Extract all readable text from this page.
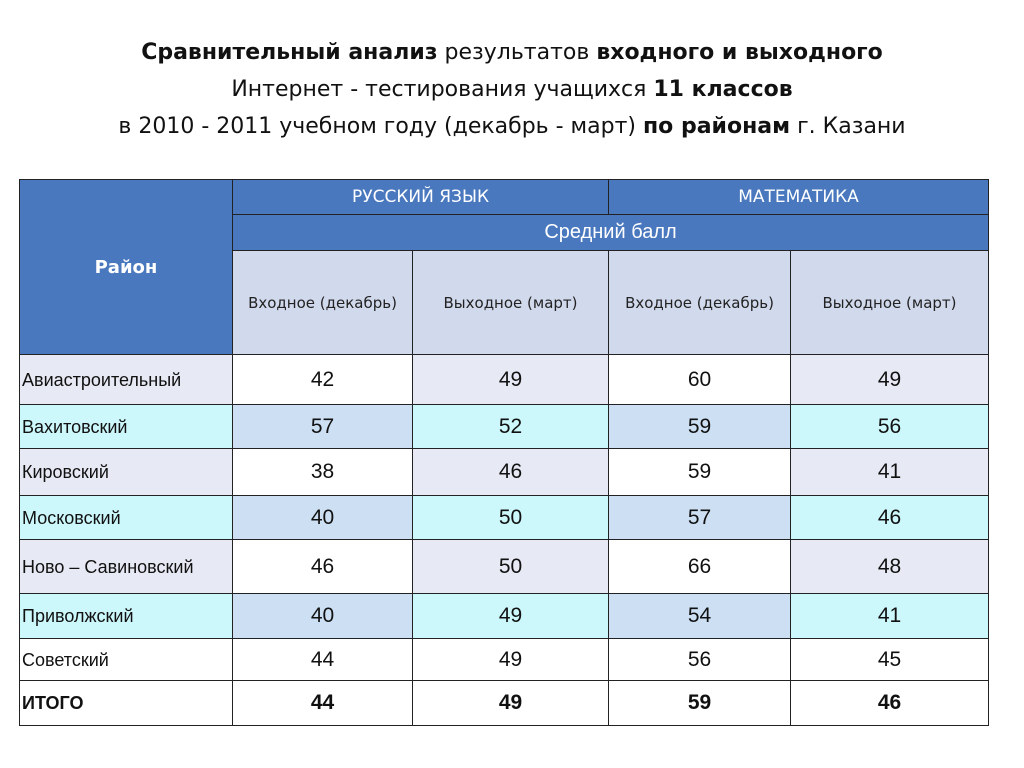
Сравнительный анализ результатов входного и выходного
Интернет - тестирования учащихся 11 классов
в 2010 - 2011 учебном году (декабрь - март) по районам г. Казани
Район	РУССКИЙ ЯЗЫК		МАТЕМАТИКА	
	Средний балл			
	Входное (декабрь)	Выходное (март)	Входное (декабрь)	Выходное (март)
Авиастроительный	42	49	60	49
Вахитовский	57	52	59	56
Кировский	38	46	59	41
Московский	40	50	57	46
Ново – Савиновский	46	50	66	48
Приволжский	40	49	54	41
Советский	44	49	56	45
ИТОГО	44	49	59	46
